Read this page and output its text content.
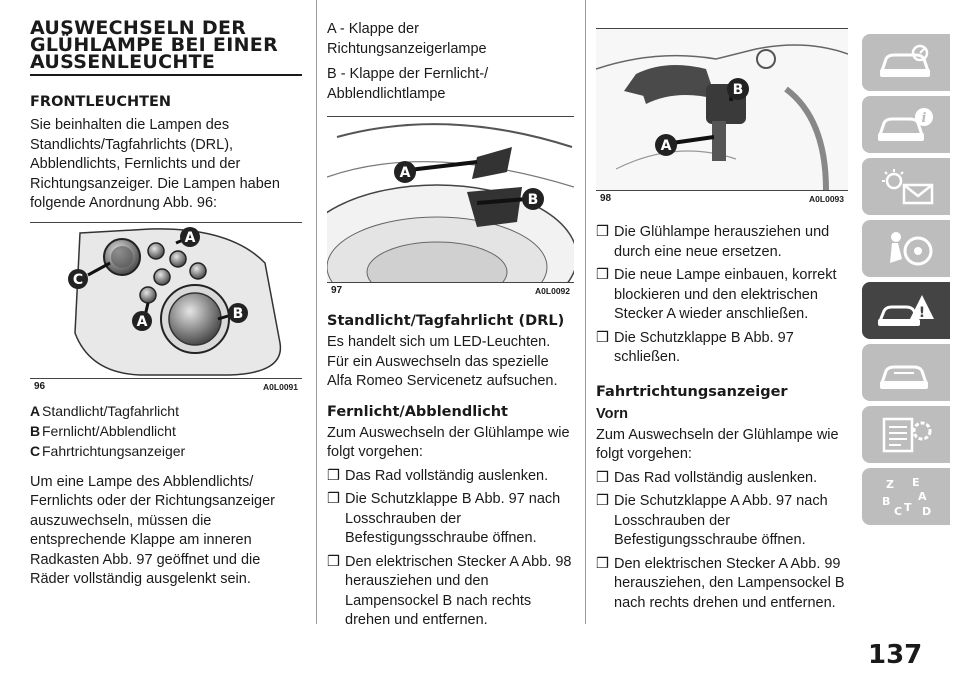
AUSWECHSELN DER GLÜHLAMPE BEI EINER AUSSENLEUCHTE
FRONTLEUCHTEN

Sie beinhalten die Lampen des Standlichts/Tagfahrlichts (DRL), Abblendlichts, Fernlichts und der Richtungsanzeiger. Die Lampen haben folgende Anordnung Abb. 96:

C
A
A	B
96	A0L0091
A Standlicht/Tagfahrlicht
B Fernlicht/Abblendlicht
C Fahrtrichtungsanzeiger

Um eine Lampe des Abblendlichts/ Fernlichts oder der Richtungsanzeiger auszuwechseln, müssen die entsprechende Klappe am inneren Radkasten Abb. 97 geöffnet und die Räder vollständig ausgelenkt sein.

A - Klappe der Richtungsanzeigerlampe

B - Klappe der Fernlicht-/ Abblendlichtlampe

A
B
97	A0L0092
Standlicht/Tagfahrlicht (DRL)

Es handelt sich um LED-Leuchten. Für ein Auswechseln das spezielle Alfa Romeo Servicenetz aufsuchen.

Fernlicht/Abblendlicht

Zum Auswechseln der Glühlampe wie folgt vorgehen:

❒ Das Rad vollständig auslenken.
❒ Die Schutzklappe B Abb. 97 nach Losschrauben der Befestigungsschraube öffnen.
❒ Den elektrischen Stecker A Abb. 98 herausziehen und den Lampensockel B nach rechts drehen und entfernen.
A
B
98	A0L0093
❒ Die Glühlampe herausziehen und durch eine neue ersetzen.
❒ Die neue Lampe einbauen, korrekt blockieren und den elektrischen Stecker A wieder anschließen.
❒ Die Schutzklappe B Abb. 97 schließen.
Fahrtrichtungsanzeiger
Vorn

Zum Auswechseln der Glühlampe wie folgt vorgehen:

❒ Das Rad vollständig auslenken.
❒ Die Schutzklappe A Abb. 97 nach Losschrauben der Befestigungsschraube öffnen.
❒ Den elektrischen Stecker A Abb. 99 herausziehen, den Lampensockel B nach rechts drehen und entfernen.
i
!
Z E
A
B
C T D
137
